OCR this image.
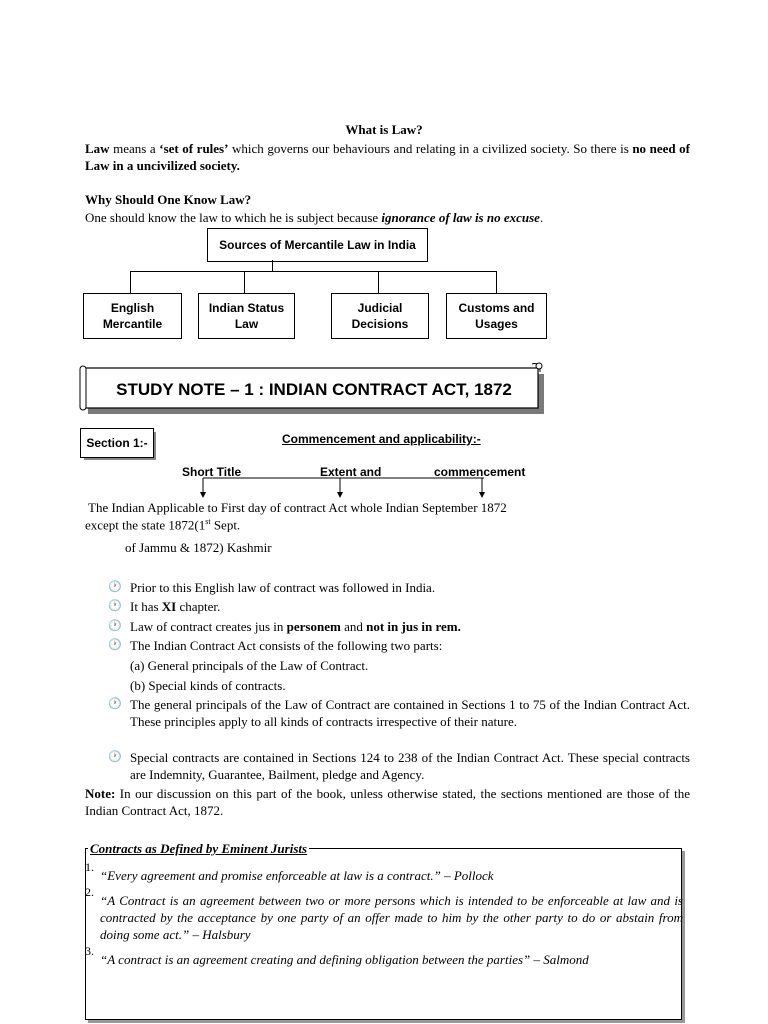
What is Law?
Law means a ‘set of rules’ which governs our behaviours and relating in a civilized society. So there is no need of Law in a uncivilized society.
Why Should One Know Law?
One should know the law to which he is subject because ignorance of law is no excuse.
Sources of Mercantile Law in India
English Mercantile
Indian Status Law
Judicial Decisions
Customs and Usages
STUDY NOTE – 1 : INDIAN CONTRACT ACT, 1872
Section 1:-	Commencement and applicability:-
Short Title	Extent and	commencement
The Indian Applicable to First day of contract Act whole Indian September 1872
except the state 1872(1st Sept.
of Jammu & 1872) Kashmir
🕐 Prior to this English law of contract was followed in India.
🕐 It has XI chapter.
🕐 Law of contract creates jus in personem and not in jus in rem.
🕐 The Indian Contract Act consists of the following two parts:
(a) General principals of the Law of Contract.
(b) Special kinds of contracts.
🕐 The general principals of the Law of Contract are contained in Sections 1 to 75 of the Indian Contract Act. These principles apply to all kinds of contracts irrespective of their nature.
🕐 Special contracts are contained in Sections 124 to 238 of the Indian Contract Act. These special contracts are Indemnity, Guarantee, Bailment, pledge and Agency.
Note: In our discussion on this part of the book, unless otherwise stated, the sections mentioned are those of the Indian Contract Act, 1872.
Contracts as Defined by Eminent Jurists
1.
“Every agreement and promise enforceable at law is a contract.” – Pollock
2.
“A Contract is an agreement between two or more persons which is intended to be enforceable at law and is contracted by the acceptance by one party of an offer made to him by the other party to do or abstain from doing some act.” – Halsbury
3.
“A contract is an agreement creating and defining obligation between the parties” – Salmond
